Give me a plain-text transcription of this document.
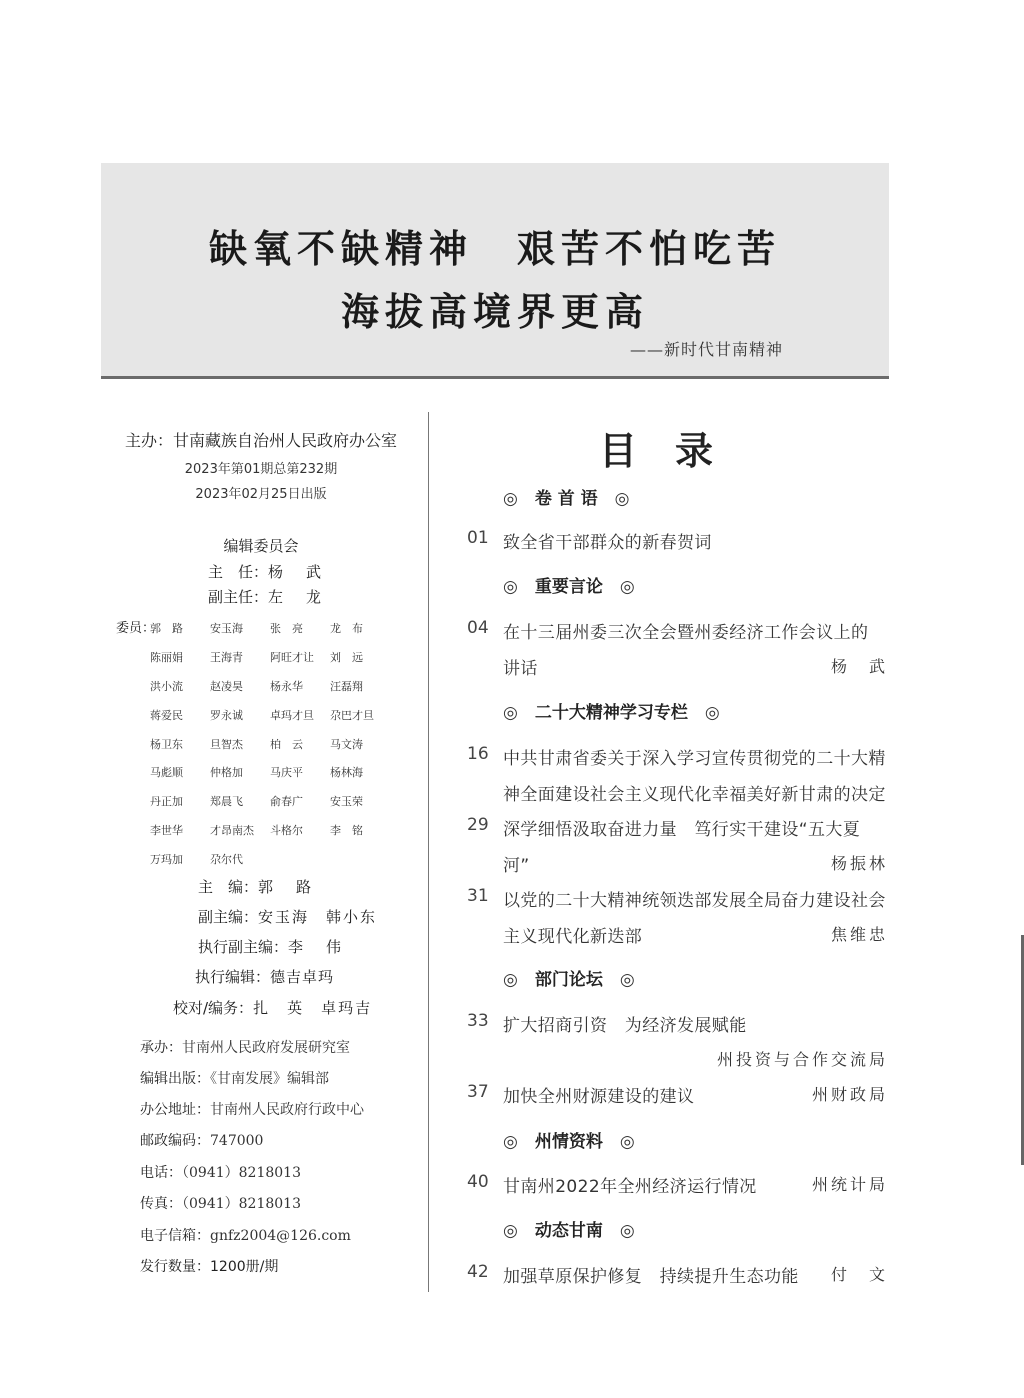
缺氧不缺精神　艰苦不怕吃苦
海拔高境界更高
——新时代甘南精神
主办：甘南藏族自治州人民政府办公室
2023年第01期总第232期
2023年02月25日出版
编辑委员会
主　任：杨　武
副主任：左　龙
委员：
郭　路 安玉海 张　亮 龙　布
陈丽娟 王海青 阿旺才让 刘　远
洪小流 赵凌昊 杨永华 汪磊翔
蒋爱民 罗永诚 卓玛才旦 尕巴才旦
杨卫东 旦智杰 柏　云 马文涛
马彪顺 仲格加 马庆平 杨林海
丹正加 郑晨飞 俞春广 安玉荣
李世华 才昂南杰 斗格尔 李　铭
万玛加 尕尔代
主　编：郭　路
副主编：安玉海　韩小东
执行副主编：李　伟
执行编辑：德吉卓玛
校对/编务：扎　英　卓玛吉
承办：甘南州人民政府发展研究室
编辑出版：《甘南发展》编辑部
办公地址：甘南州人民政府行政中心
邮政编码：747000
电话：（0941）8218013
传真：（0941）8218013
电子信箱：gnfz2004@126.com
发行数量：1200册/期
目录
◎　卷 首 语　◎
◎　重要言论　◎
◎　二十大精神学习专栏　◎
◎　部门论坛　◎
◎　州情资料　◎
◎　动态甘南　◎
01 致全省干部群众的新春贺词
04 在十三届州委三次全会暨州委经济工作会议上的
讲话	杨　武
16 中共甘肃省委关于深入学习宣传贯彻党的二十大精
神全面建设社会主义现代化幸福美好新甘肃的决定
29 深学细悟汲取奋进力量　笃行实干建设“五大夏
河”	杨振林
31 以党的二十大精神统领迭部发展全局奋力建设社会
主义现代化新迭部	焦维忠
33 扩大招商引资　为经济发展赋能
州投资与合作交流局
37 加快全州财源建设的建议	州财政局
40 甘南州2022年全州经济运行情况	州统计局
42 加强草原保护修复　持续提升生态功能	付　文
